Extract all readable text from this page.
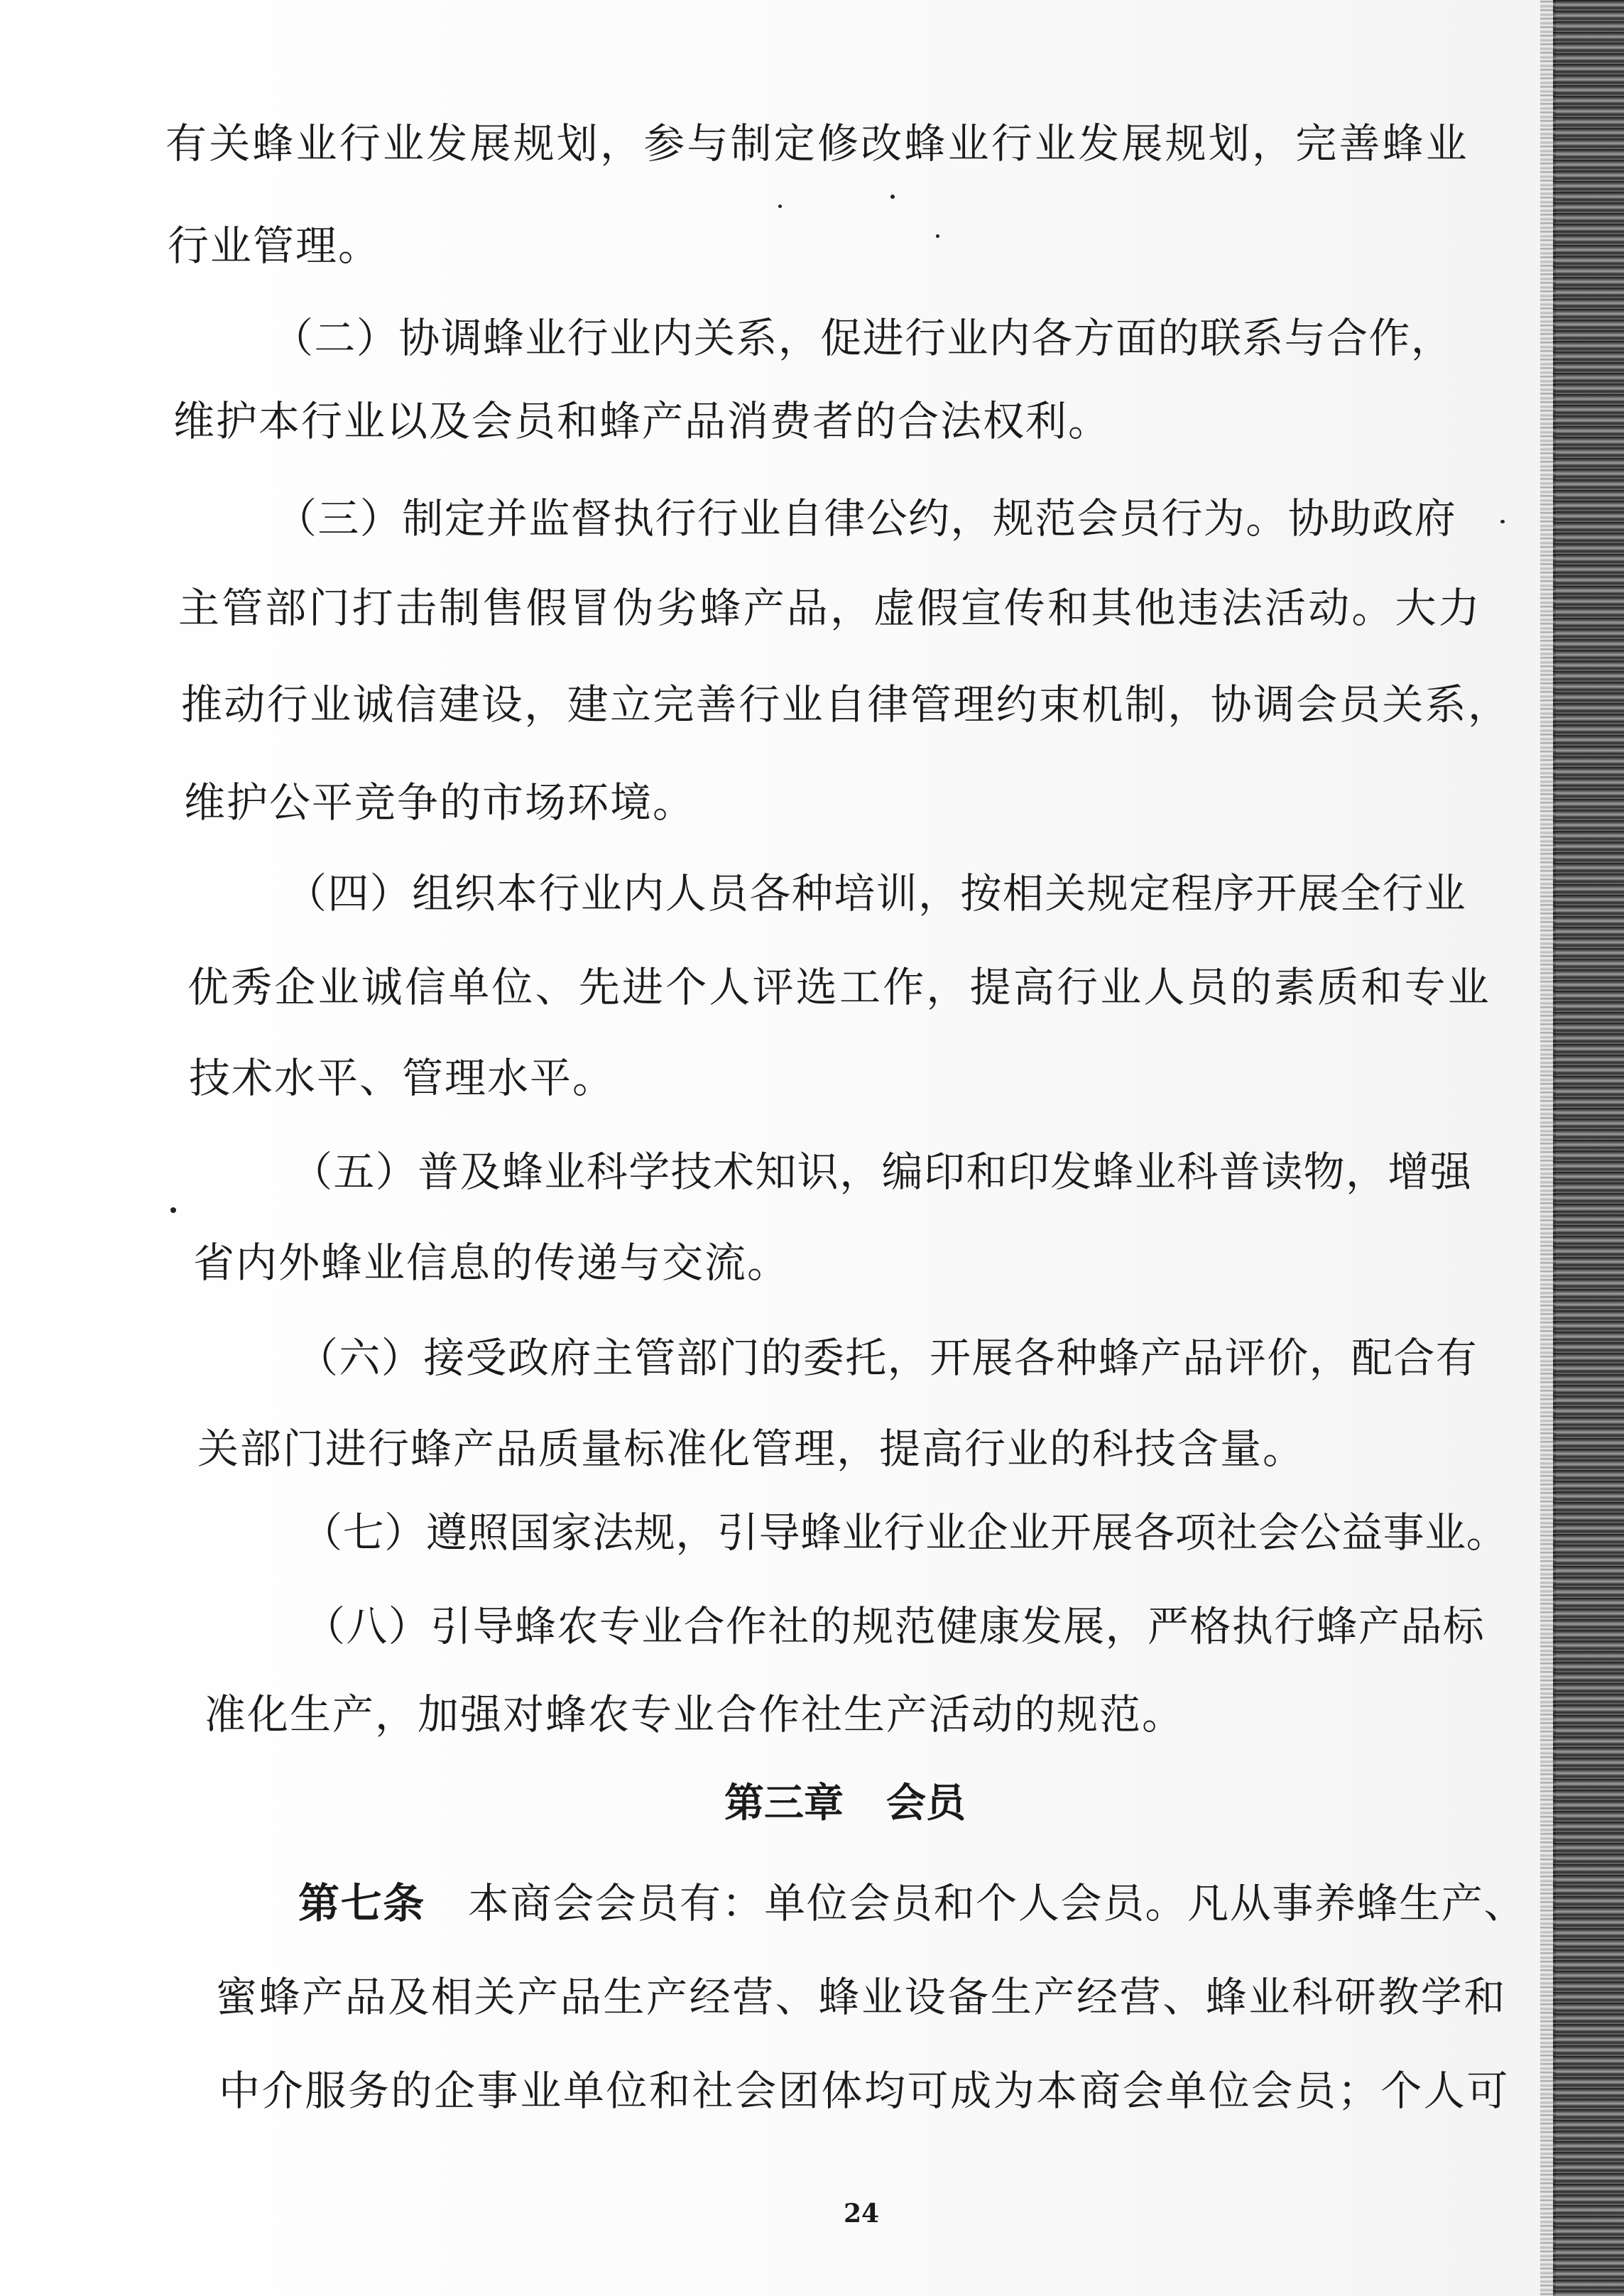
有关蜂业行业发展规划，参与制定修改蜂业行业发展规划，完善蜂业
行业管理。
（二）协调蜂业行业内关系，促进行业内各方面的联系与合作，
维护本行业以及会员和蜂产品消费者的合法权利。
（三）制定并监督执行行业自律公约，规范会员行为。协助政府
主管部门打击制售假冒伪劣蜂产品，虚假宣传和其他违法活动。大力
推动行业诚信建设，建立完善行业自律管理约束机制，协调会员关系，
维护公平竞争的市场环境。
（四）组织本行业内人员各种培训，按相关规定程序开展全行业
优秀企业诚信单位、先进个人评选工作，提高行业人员的素质和专业
技术水平、管理水平。
（五）普及蜂业科学技术知识，编印和印发蜂业科普读物，增强
省内外蜂业信息的传递与交流。
（六）接受政府主管部门的委托，开展各种蜂产品评价，配合有
关部门进行蜂产品质量标准化管理，提高行业的科技含量。
（七）遵照国家法规，引导蜂业行业企业开展各项社会公益事业。
（八）引导蜂农专业合作社的规范健康发展，严格执行蜂产品标
准化生产，加强对蜂农专业合作社生产活动的规范。
第三章 会员
第七条 本商会会员有：单位会员和个人会员。凡从事养蜂生产、
蜜蜂产品及相关产品生产经营、蜂业设备生产经营、蜂业科研教学和
中介服务的企事业单位和社会团体均可成为本商会单位会员；个人可
24
